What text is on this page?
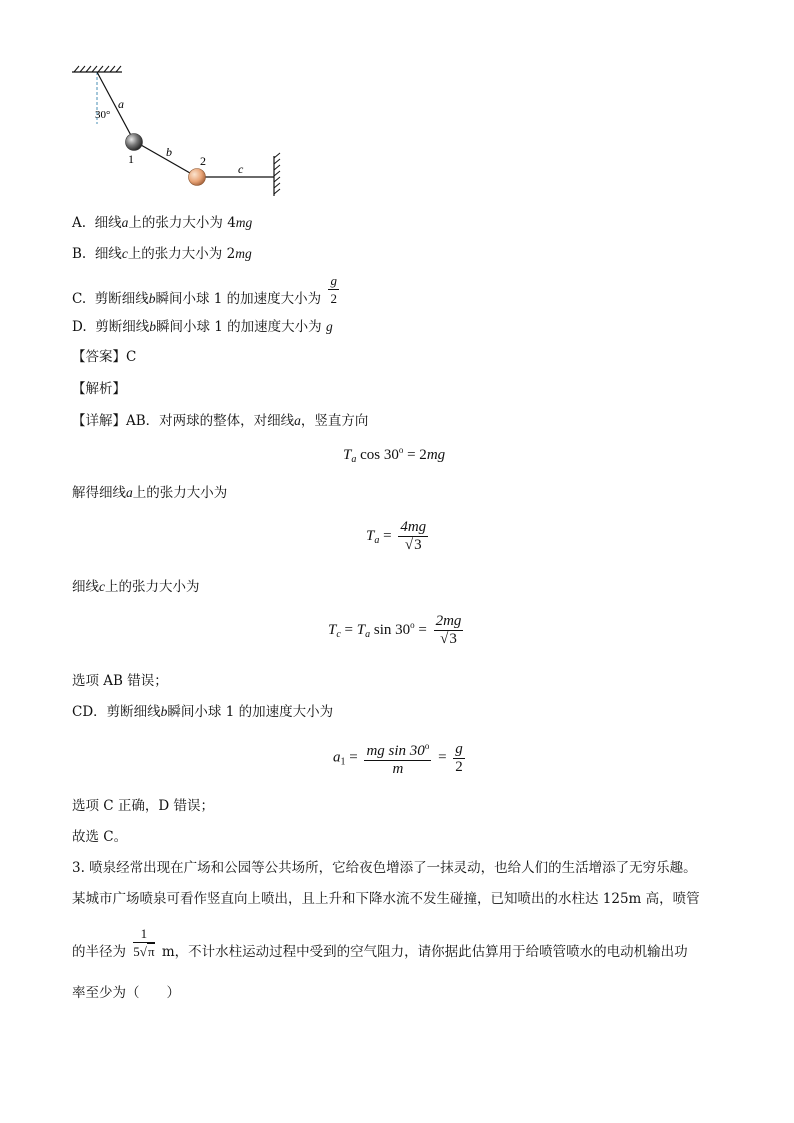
30°
a
1	b
2
c
A. 细线a上的张力大小为 4mg
B. 细线c上的张力大小为 2mg
C. 剪断细线b瞬间小球 1 的加速度大小为 $\frac{g}{2}$
D. 剪断细线b瞬间小球 1 的加速度大小为 g
【答案】C
【解析】
【详解】AB．对两球的整体，对细线a，竖直方向
$T_a$ $\cos 30^o = 2mg$
解得细线a上的张力大小为
$T_a = \frac{4mg}{√3}$
细线c上的张力大小为
$T_c = T_a$ $\sin 30^o = \frac{2mg}{√3}$
选项 AB 错误；
CD．剪断细线b瞬间小球 1 的加速度大小为
$a_1 = \frac{mg \sin 30^o}{m} = \frac{g}{2}$
选项 C 正确，D 错误；
故选 C。
3. 喷泉经常出现在广场和公园等公共场所，它给夜色增添了一抹灵动，也给人们的生活增添了无穷乐趣。
某城市广场喷泉可看作竖直向上喷出，且上升和下降水流不发生碰撞，已知喷出的水柱达 125m 高，喷管
的半径为 $\frac{1}{5√\pi}$ m，不计水柱运动过程中受到的空气阻力，请你据此估算用于给喷管喷水的电动机输出功
率至少为（　　）
